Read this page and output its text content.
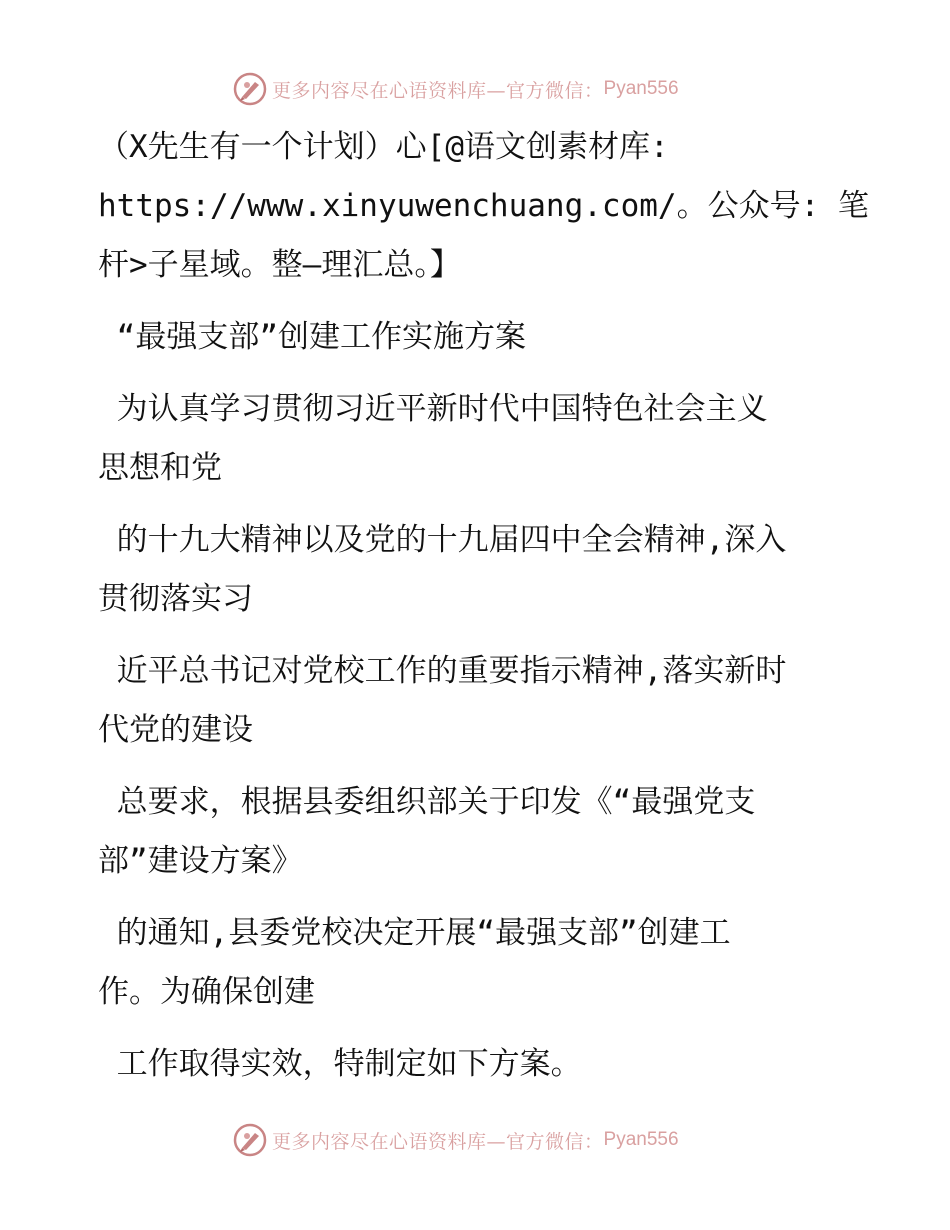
更多内容尽在心语资料库—官方微信： Pyan556
（X先生有一个计划）心[@语文创素材库:
https://www.xinyuwenchuang.com/。公众号: 笔
杆>子星域。整—理汇总。】
“最强支部”创建工作实施方案
为认真学习贯彻习近平新时代中国特色社会主义
思想和党
的十九大精神以及党的十九届四中全会精神,深入
贯彻落实习
近平总书记对党校工作的重要指示精神,落实新时
代党的建设
总要求，根据县委组织部关于印发《“最强党支
部”建设方案》
的通知,县委党校决定开展“最强支部”创建工
作。为确保创建
工作取得实效，特制定如下方案。
更多内容尽在心语资料库—官方微信： Pyan556
